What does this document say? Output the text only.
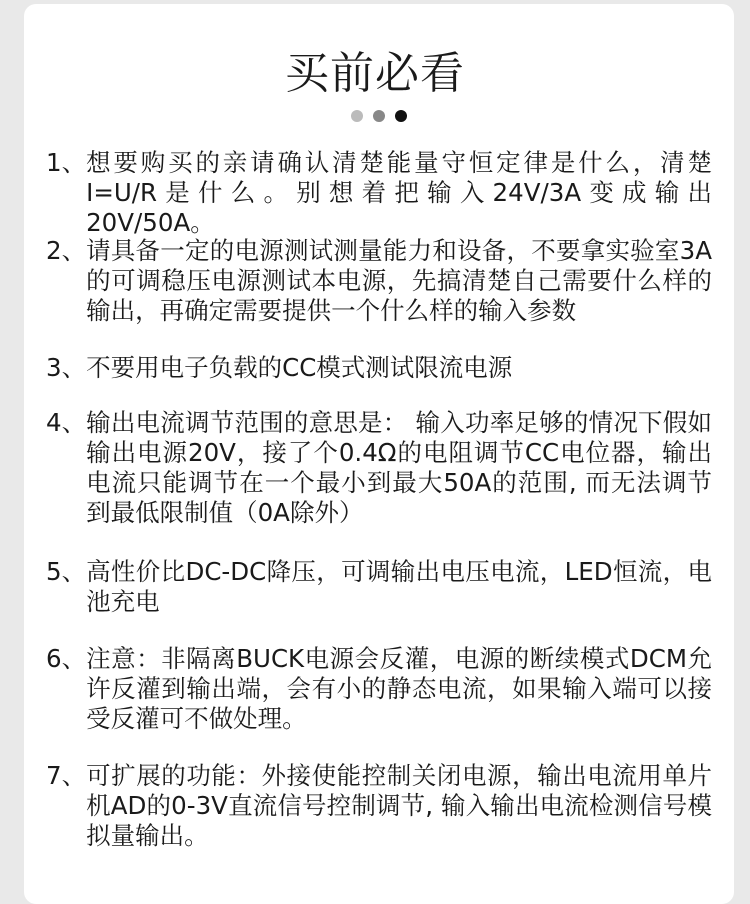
买前必看
1、 想要购买的亲请确认清楚能量守恒定律是什么，清楚I=U/R是什么。别想着把输入24V/3A变成输出20V/50A。
2、 请具备一定的电源测试测量能力和设备，不要拿实验室3A的可调稳压电源测试本电源，先搞清楚自己需要什么样的输出，再确定需要提供一个什么样的输入参数
3、 不要用电子负载的CC模式测试限流电源
4、 输出电流调节范围的意思是： 输入功率足够的情况下假如输出电源20V，接了个0.4Ω的电阻调节CC电位器，输出电流只能调节在一个最小到最大50A的范围, 而无法调节到最低限制值（0A除外）
5、 高性价比DC-DC降压，可调输出电压电流，LED恒流，电池充电
6、 注意：非隔离BUCK电源会反灌，电源的断续模式DCM允许反灌到输出端，会有小的静态电流，如果输入端可以接受反灌可不做处理。
7、 可扩展的功能：外接使能控制关闭电源，输出电流用单片机AD的0-3V直流信号控制调节, 输入输出电流检测信号模拟量输出。
